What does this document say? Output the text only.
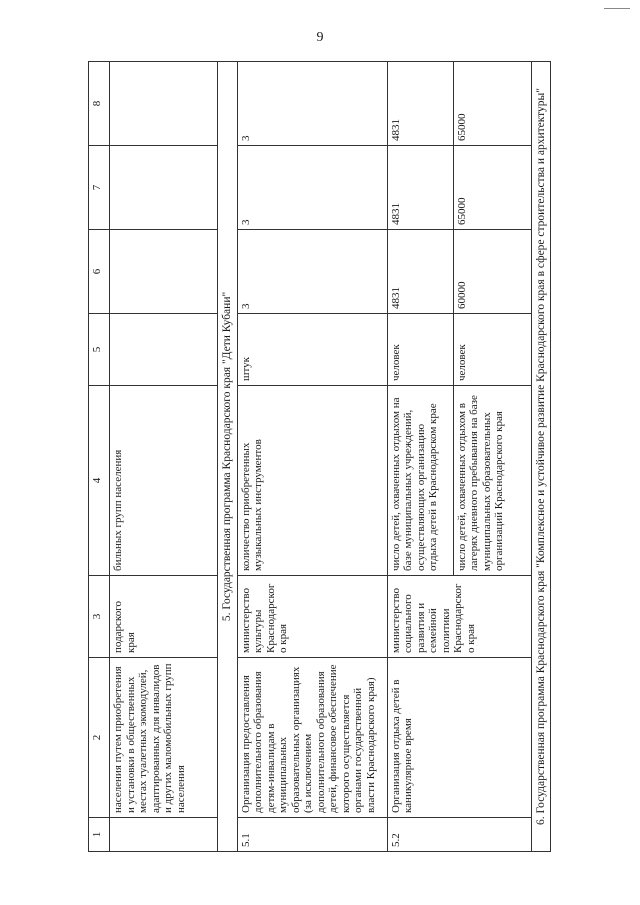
9
1	2	3	4	5	6	7	8
	населения путем приобретения и установки в общественных местах туалетных экомодулей, адаптированных для инвалидов и других маломобильных групп населения	подарского края	бильных групп населения				
5. Государственная программа Краснодарского края "Дети Кубани"							
5.1	Организация предоставления дополнительного образования детям-инвалидам в муниципальных образовательных организациях (за исключением дополнительного образования детей, финансовое обеспечение которого осуществляется органами государственной власти Краснодарского края)	министерство культуры Краснодарского края	количество приобретенных музыкальных инструментов	штук	3	3	3
5.2	Организация отдыха детей в каникулярное время	министерство социального развития и семейной политики Краснодарского края	число детей, охваченных отдыхом на базе муниципальных учреждений, осуществляющих организацию отдыха детей в Краснодарском крае	человек	4831	4831	4831
			число детей, охваченных отдыхом в лагерях дневного пребывания на базе муниципальных образовательных организаций Краснодарского края	человек	60000	65000	65000
6. Государственная программа Краснодарского края "Комплексное и устойчивое развитие Краснодарского края в сфере строительства и архитектуры"							
